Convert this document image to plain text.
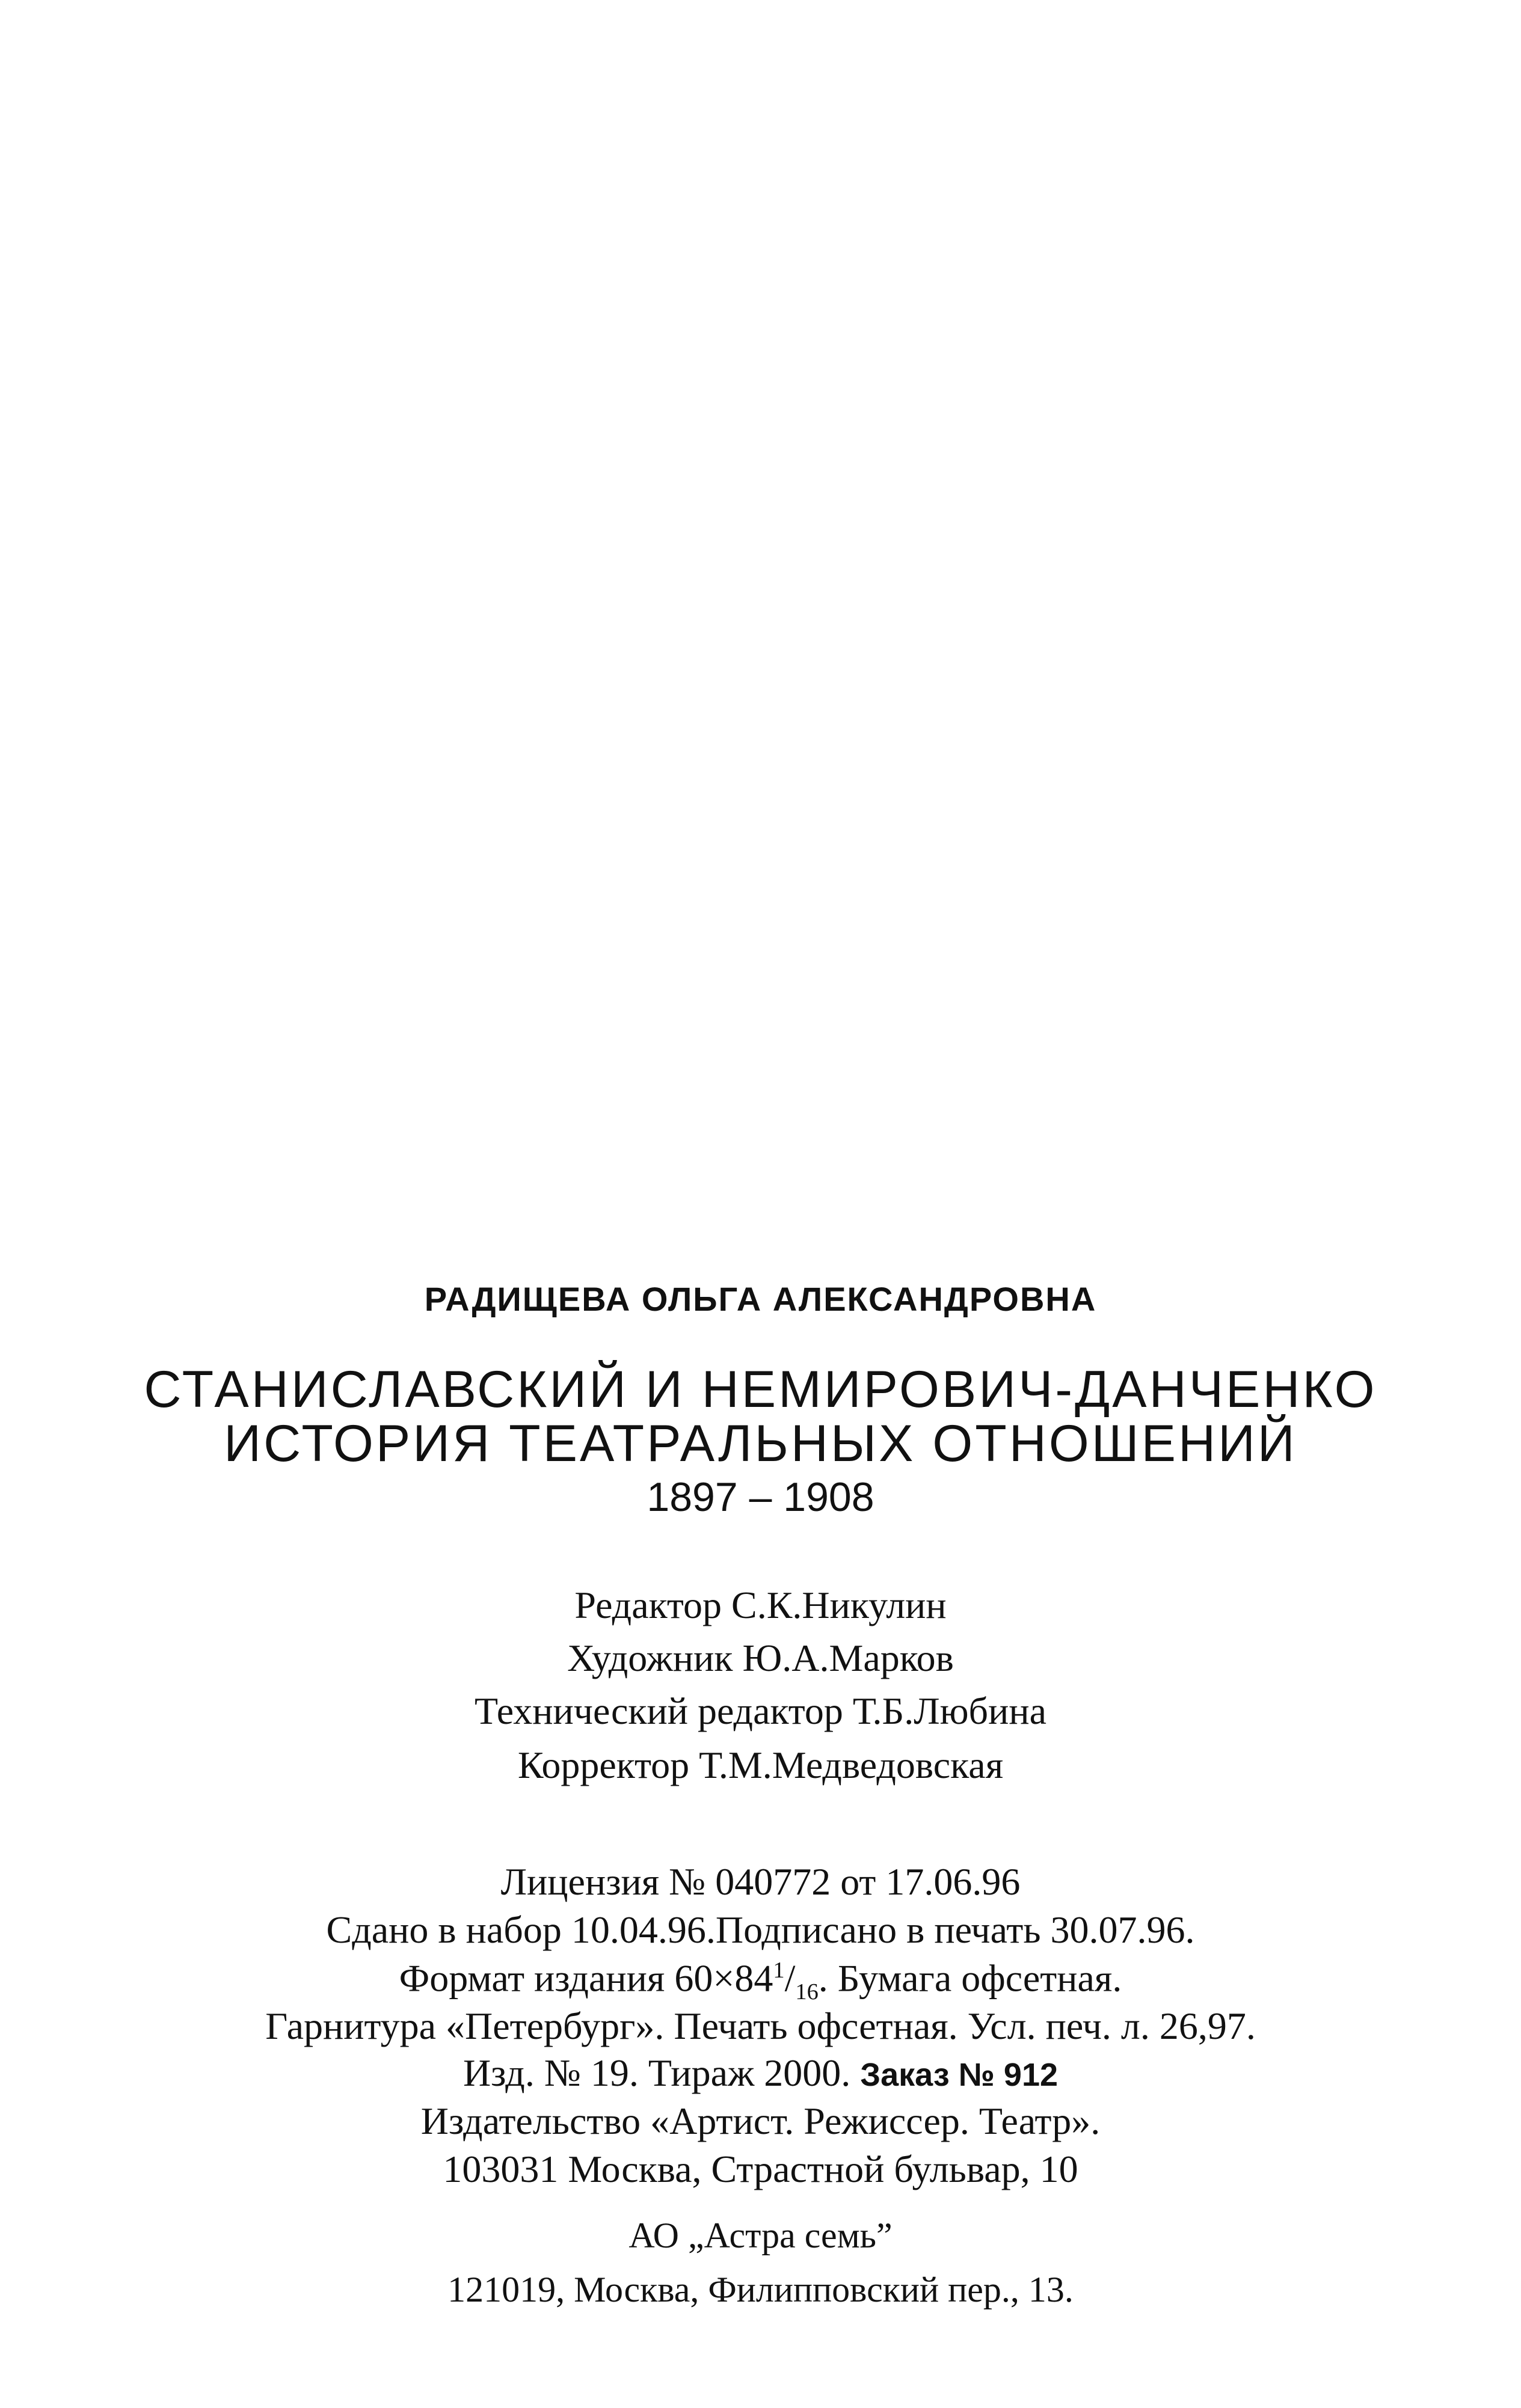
РАДИЩЕВА ОЛЬГА АЛЕКСАНДРОВНА
СТАНИСЛАВСКИЙ И НЕМИРОВИЧ-ДАНЧЕНКО
ИСТОРИЯ ТЕАТРАЛЬНЫХ ОТНОШЕНИЙ
1897 – 1908
Редактор С.К.Никулин
Художник Ю.А.Марков
Технический редактор Т.Б.Любина
Корректор Т.М.Медведовская
Лицензия № 040772 от 17.06.96
Сдано в набор 10.04.96.Подписано в печать 30.07.96.
Формат издания $60\times 84^1/_{16}$. Бумага офсетная.
Гарнитура «Петербург». Печать офсетная. Усл. печ. л. 26,97.
Изд. № 19. Тираж 2000. Заказ № 912
Издательство «Артист. Режиссер. Театр».
103031 Москва, Страстной бульвар, 10
АО „Астра семь”
121019, Москва, Филипповский пер., 13.
